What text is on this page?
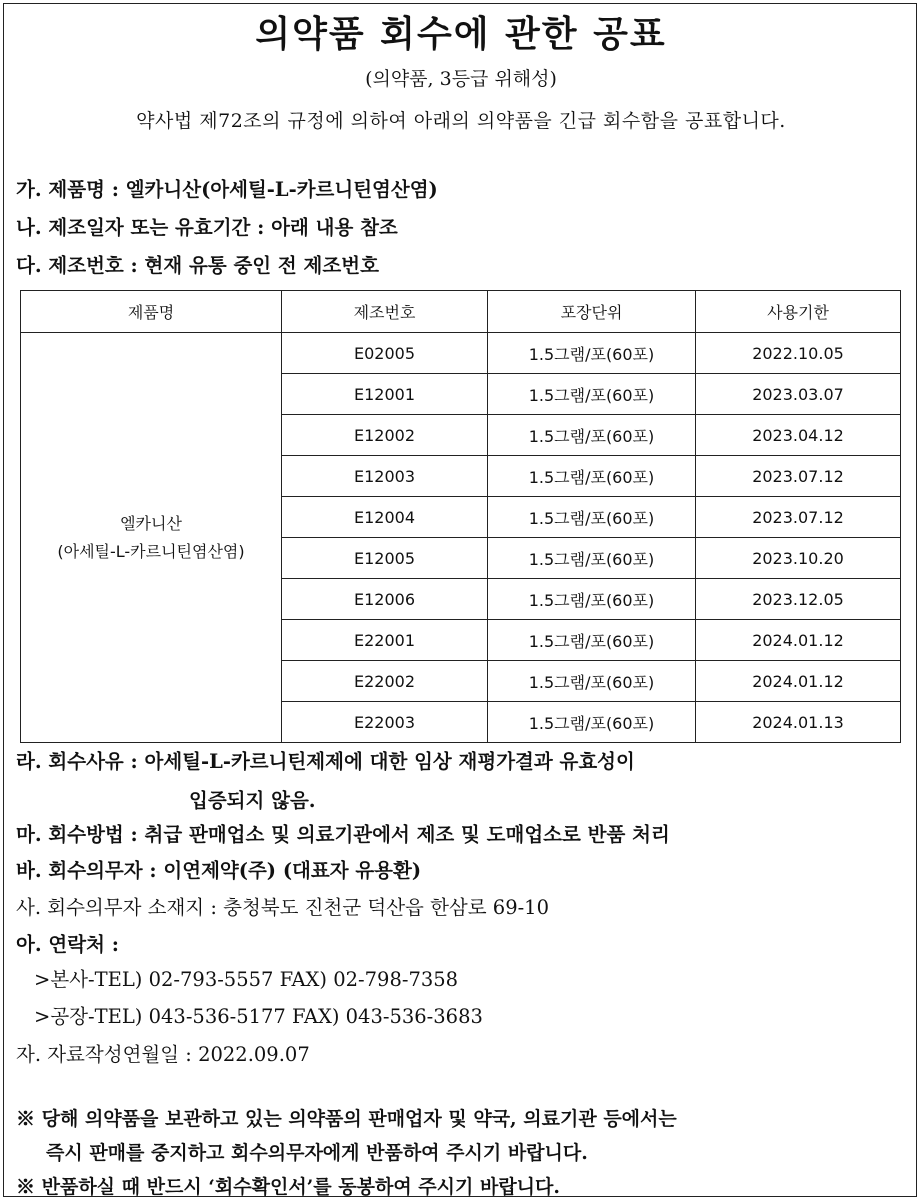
의약품 회수에 관한 공표
(의약품, 3등급 위해성)
약사법 제72조의 규정에 의하여 아래의 의약품을 긴급 회수함을 공표합니다.
가. 제품명 : 엘카니산(아세틸-L-카르니틴염산염)
나. 제조일자 또는 유효기간 : 아래 내용 참조
다. 제조번호 : 현재 유통 중인 전 제조번호
제품명	제조번호	포장단위	사용기한

엘카니산
(아세틸-L-카르니틴염산염)	E02005	1.5그램/포(60포)	2022.10.05
	E12001	1.5그램/포(60포)	2023.03.07
	E12002	1.5그램/포(60포)	2023.04.12
	E12003	1.5그램/포(60포)	2023.07.12
	E12004	1.5그램/포(60포)	2023.07.12
	E12005	1.5그램/포(60포)	2023.10.20
	E12006	1.5그램/포(60포)	2023.12.05
	E22001	1.5그램/포(60포)	2024.01.12
	E22002	1.5그램/포(60포)	2024.01.12
	E22003	1.5그램/포(60포)	2024.01.13
라. 회수사유 : 아세틸-L-카르니틴제제에 대한 임상 재평가결과 유효성이
입증되지 않음.
마. 회수방법 : 취급 판매업소 및 의료기관에서 제조 및 도매업소로 반품 처리
바. 회수의무자 : 이연제약(주) (대표자 유용환)
사. 회수의무자 소재지 : 충청북도 진천군 덕산읍 한삼로 69-10
아. 연락처 :
>본사-TEL) 02-793-5557 FAX) 02-798-7358
>공장-TEL) 043-536-5177 FAX) 043-536-3683
자. 자료작성연월일 : 2022.09.07
※ 당해 의약품을 보관하고 있는 의약품의 판매업자 및 약국, 의료기관 등에서는
즉시 판매를 중지하고 회수의무자에게 반품하여 주시기 바랍니다.
※ 반품하실 때 반드시 ‘회수확인서’를 동봉하여 주시기 바랍니다.
